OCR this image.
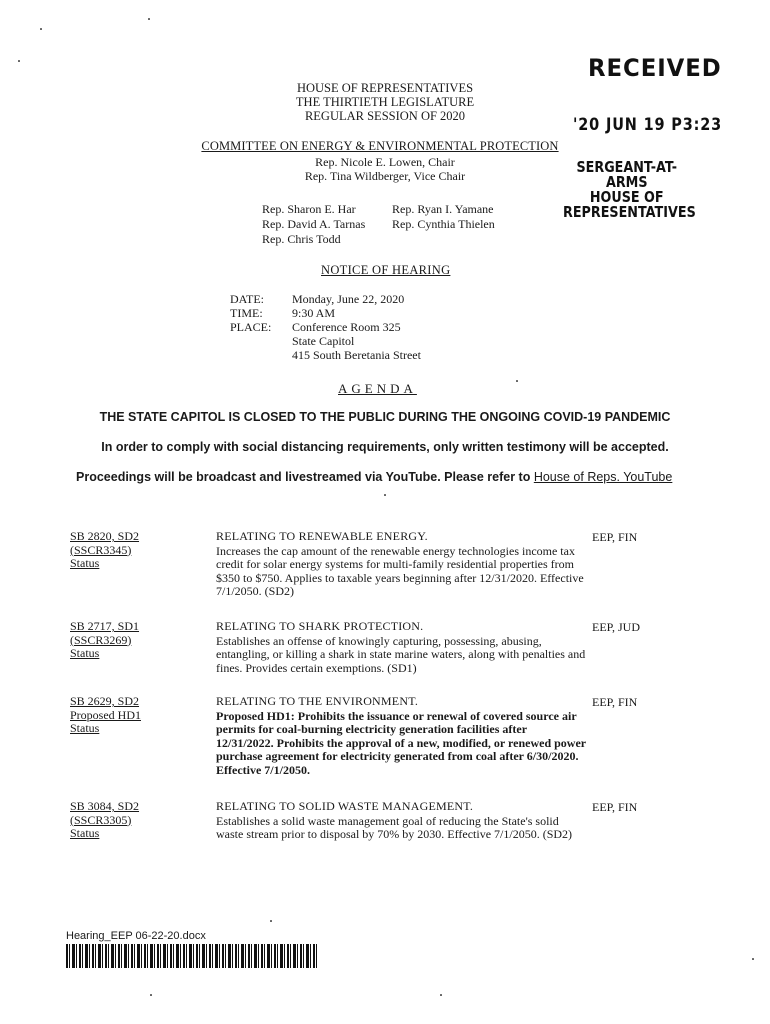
RECEIVED
'20 JUN 19 P3:23
SERGEANT-AT-ARMS
HOUSE OF
REPRESENTATIVES
HOUSE OF REPRESENTATIVES
THE THIRTIETH LEGISLATURE
REGULAR SESSION OF 2020
COMMITTEE ON ENERGY & ENVIRONMENTAL PROTECTION
Rep. Nicole E. Lowen, Chair
Rep. Tina Wildberger, Vice Chair
Rep. Sharon E. Har
Rep. David A. Tarnas
Rep. Chris Todd
Rep. Ryan I. Yamane
Rep. Cynthia Thielen
NOTICE OF HEARING
DATE:
TIME:
PLACE:
Monday, June 22, 2020
9:30 AM
Conference Room 325
State Capitol
415 South Beretania Street
AGENDA
THE STATE CAPITOL IS CLOSED TO THE PUBLIC DURING THE ONGOING COVID-19 PANDEMIC
In order to comply with social distancing requirements, only written testimony will be accepted.
Proceedings will be broadcast and livestreamed via YouTube. Please refer to House of Reps. YouTube
SB 2820, SD2
(SSCR3345)
Status
RELATING TO RENEWABLE ENERGY.
Increases the cap amount of the renewable energy technologies income tax credit for solar energy systems for multi-family residential properties from $350 to $750. Applies to taxable years beginning after 12/31/2020. Effective 7/1/2050. (SD2)
EEP, FIN
SB 2717, SD1
(SSCR3269)
Status
RELATING TO SHARK PROTECTION.
Establishes an offense of knowingly capturing, possessing, abusing, entangling, or killing a shark in state marine waters, along with penalties and fines. Provides certain exemptions. (SD1)
EEP, JUD
SB 2629, SD2
Proposed HD1
Status
RELATING TO THE ENVIRONMENT.
Proposed HD1: Prohibits the issuance or renewal of covered source air permits for coal-burning electricity generation facilities after 12/31/2022. Prohibits the approval of a new, modified, or renewed power purchase agreement for electricity generated from coal after 6/30/2020. Effective 7/1/2050.
EEP, FIN
SB 3084, SD2
(SSCR3305)
Status
RELATING TO SOLID WASTE MANAGEMENT.
Establishes a solid waste management goal of reducing the State's solid waste stream prior to disposal by 70% by 2030. Effective 7/1/2050. (SD2)
EEP, FIN
Hearing_EEP 06-22-20.docx
